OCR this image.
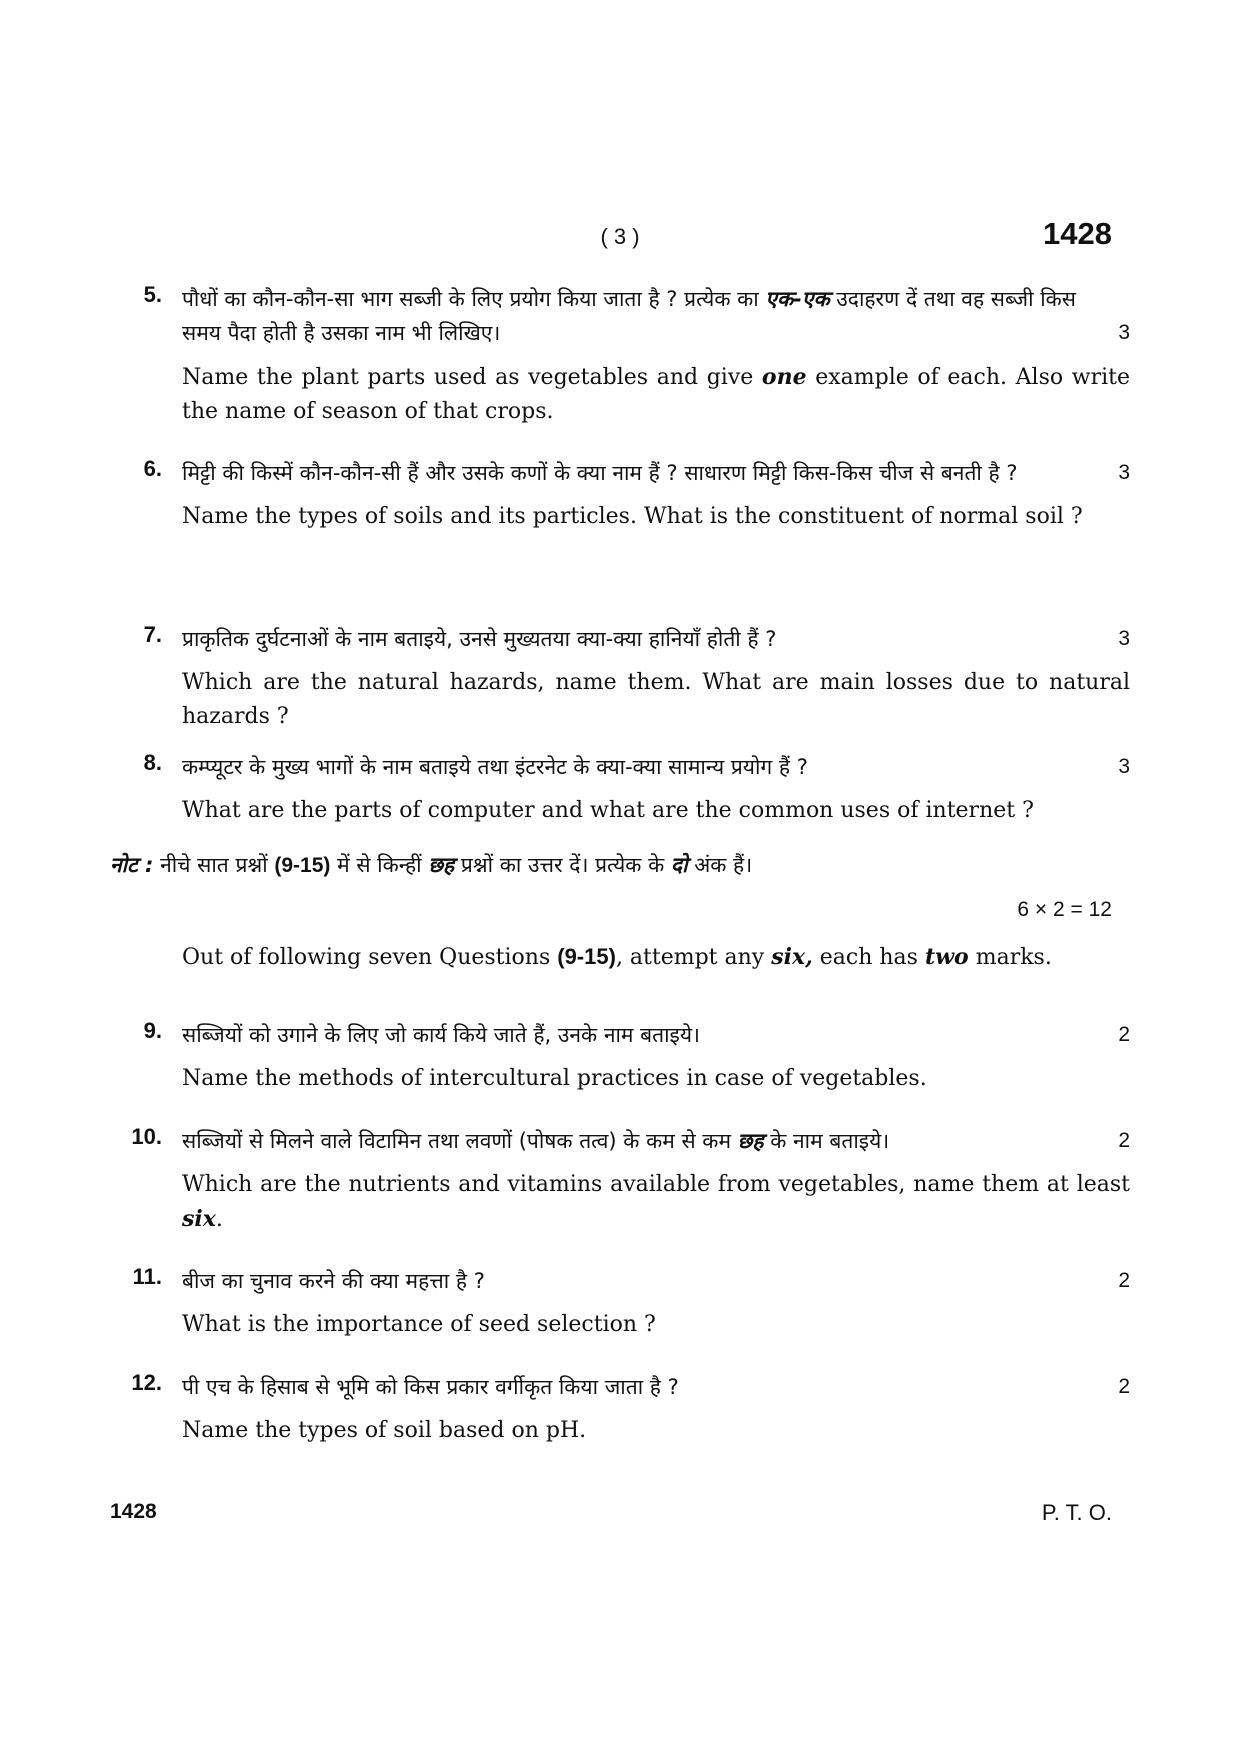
( 3 )	1428
5. पौधों का कौन-कौन-सा भाग सब्जी के लिए प्रयोग किया जाता है ? प्रत्येक का एक-एक उदाहरण दें तथा वह सब्जी किस समय पैदा होती है उसका नाम भी लिखिए।	3
Name the plant parts used as vegetables and give one example of each. Also write the name of season of that crops.
6. मिट्टी की किस्में कौन-कौन-सी हैं और उसके कणों के क्या नाम हैं ? साधारण मिट्टी किस-किस चीज से बनती है ?	3
Name the types of soils and its particles. What is the constituent of normal soil ?
7. प्राकृतिक दुर्घटनाओं के नाम बताइये, उनसे मुख्यतया क्या-क्या हानियाँ होती हैं ?	3
Which are the natural hazards, name them. What are main losses due to natural hazards ?
8. कम्प्यूटर के मुख्य भागों के नाम बताइये तथा इंटरनेट के क्या-क्या सामान्य प्रयोग हैं ?	3
What are the parts of computer and what are the common uses of internet ?
नोट : नीचे सात प्रश्नों (9-15) में से किन्हीं छह प्रश्नों का उत्तर दें। प्रत्येक के दो अंक हैं।
6 × 2 = 12
Out of following seven Questions (9-15), attempt any six, each has two marks.
9. सब्जियों को उगाने के लिए जो कार्य किये जाते हैं, उनके नाम बताइये।	2
Name the methods of intercultural practices in case of vegetables.
10. सब्जियों से मिलने वाले विटामिन तथा लवणों (पोषक तत्व) के कम से कम छह के नाम बताइये।	2
Which are the nutrients and vitamins available from vegetables, name them at least six.
11. बीज का चुनाव करने की क्या महत्ता है ?	2
What is the importance of seed selection ?
12. पी एच के हिसाब से भूमि को किस प्रकार वर्गीकृत किया जाता है ?	2
Name the types of soil based on pH.
1428	P. T. O.
